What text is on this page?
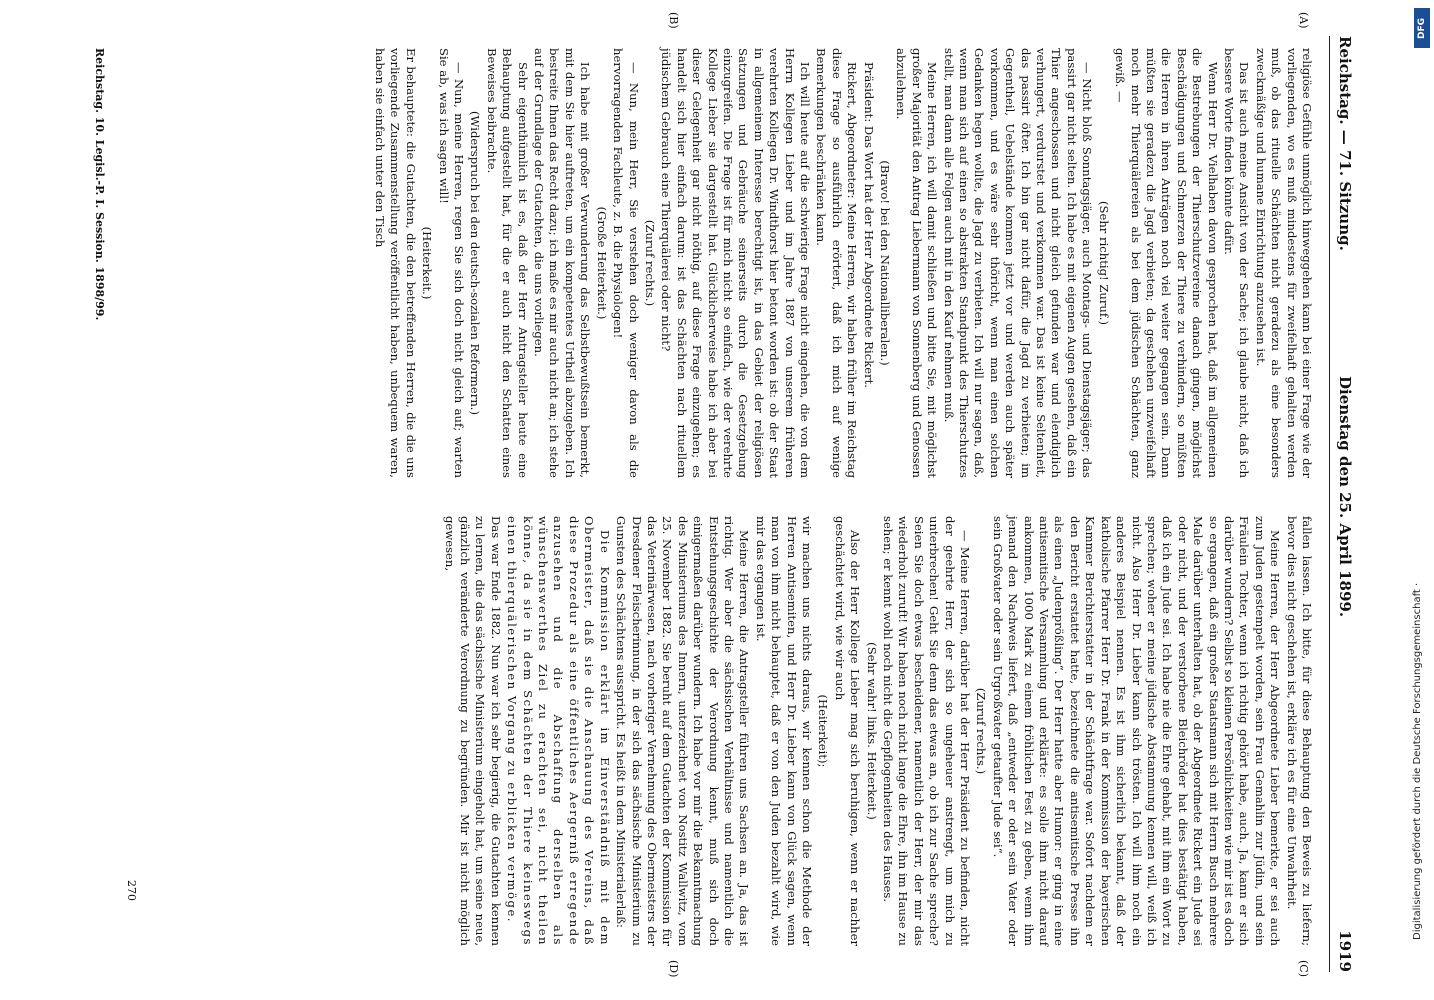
Reichstag. — 71. Sitzung.
Dienstag den 25. April 1899.
1919
(A)
(B)
(C)
(D)

religiöse Gefühle unmöglich hinweggehen kann bei einer Frage wie der vorliegenden, wo es muß mindestens für zweifelhaft gehalten werden muß, ob das rituelle Schächten nicht geradezu als eine besonders zweckmäßige und humane Einrichtung anzusehen ist.

Das ist auch meine Ansicht von der Sache; ich glaube nicht, daß ich bessere Worte finden könnte dafür.

Wenn Herr Dr. Vielhaben davon gesprochen hat, daß im allgemeinen die Bestrebungen der Thierschutzvereine danach gingen, möglichst Beschädigungen und Schmerzen der Thiere zu verhindern, so müßten die Herren in ihren Anträgen noch viel weiter gegangen sein. Dann müßten sie geradezu die Jagd verbieten; da geschehen unzweifelhaft noch mehr Thierquälereien als bei dem jüdischen Schächten, ganz gewiß. —

(Sehr richtig! Zuruf.)

— Nicht bloß Sonntagsjäger, auch Montags- und Dienstagsjäger; das passirt gar nicht selten. Ich habe es mit eigenen Augen gesehen, daß ein Thier angeschossen und nicht gleich gefunden war und elendiglich verhungert, verdurstet und verkommen war. Das ist keine Seltenheit, das passirt öfter. Ich bin gar nicht dafür, die Jagd zu verbieten; im Gegentheil, Uebelstände kommen jetzt vor und werden auch später vorkommen, und es wäre sehr thöricht, wenn man einen solchen Gedanken hegen wollte, die Jagd zu verbieten. Ich will nur sagen, daß, wenn man sich auf einen so abstrakten Standpunkt des Thierschutzes stellt, man dann alle Folgen auch mit in den Kauf nehmen muß.

Meine Herren, ich will damit schließen und bitte Sie, mit möglichst großer Majorität den Antrag Liebermann von Sonnenberg und Genossen abzulehnen.

(Bravo! bei den Nationalliberalen.)

Präsident: Das Wort hat der Herr Abgeordnete Rickert.

Rickert, Abgeordneter: Meine Herren, wir haben früher im Reichstag diese Frage so ausführlich erörtert, daß ich mich auf wenige Bemerkungen beschränken kann.

Ich will heute auf die schwierige Frage nicht eingehen, die von dem Herrn Kollegen Lieber und im Jahre 1887 von unserem früheren verehrten Kollegen Dr. Windthorst hier betont worden ist: ob der Staat in allgemeinem Interesse berechtigt ist, in das Gebiet der religiösen Satzungen und Gebräuche seinerseits durch die Gesetzgebung einzugreifen. Die Frage ist für mich nicht so einfach, wie der verehrte Kollege Lieber sie dargestellt hat. Glücklicherweise habe ich aber bei dieser Gelegenheit gar nicht nöthig, auf diese Frage einzugehen; es handelt sich hier einfach darum: ist das Schächten nach rituellem jüdischem Gebrauch eine Thierquälerei oder nicht?

(Zuruf rechts.)

— Nun, mein Herr, Sie verstehen doch weniger davon als die hervorragenden Fachleute, z. B. die Physiologen!

(Große Heiterkeit.)

Ich habe mit großer Verwunderung das Selbstbewußtsein bemerkt, mit dem Sie hier auftreten, um ein kompetentes Urtheil abzugeben. Ich bestreite Ihnen das Recht dazu; ich maße es mir auch nicht an; ich stehe auf der Grundlage der Gutachten, die uns vorliegen.

Sehr eigenthümlich ist es, daß der Herr Antragsteller heute eine Behauptung aufgestellt hat, für die er auch nicht den Schatten eines Beweises beibrachte.

(Widerspruch bei den deutsch-sozialen Reformern.)

— Nun, meine Herren, regen Sie sich doch nicht gleich auf; warten Sie ab, was ich sagen will!

(Heiterkeit.)

Er behauptete: die Gutachten, die den betreffenden Herren, die die uns vorliegende Zusammenstellung veröffentlicht haben, unbequem waren, haben sie einfach unter den Tisch

fallen lassen. Ich bitte, für diese Behauptung den Beweis zu liefern; bevor dies nicht geschehen ist, erkläre ich es für eine Unwahrheit.

Meine Herren, der Herr Abgeordnete Lieber bemerkte, er sei auch zum Juden gestempelt worden, sein Frau Gemahlin zur Jüdin, und sein Fräulein Tochter, wenn ich richtig gehört habe, auch. Ja, kann er sich darüber wundern? Selbst so kleinen Persönlichkeiten wie mir ist es doch so ergangen, daß ein großer Staatsmann sich mit Herrn Busch mehrere Male darüber unterhalten hat, ob der Abgeordnete Rickert ein Jude sei oder nicht, und der verstorbene Bleichröder hat dies bestätigt haben, daß ich ein Jude sei. Ich habe nie die Ehre gehabt, mit ihm ein Wort zu sprechen; woher er meine jüdische Abstammung kennen will, weiß ich nicht. Also Herr Dr. Lieber kann sich trösten. Ich will ihm noch ein anderes Beispiel nennen. Es ist ihm sicherlich bekannt, daß der katholische Pfarrer Herr Dr. Frank in der Kommission der bayerischen Kammer Berichterstatter in der Schächtfrage war. Sofort nachdem er den Bericht erstattet hatte, bezeichnete die antisemitische Presse ihn als einen „Judenprößling“. Der Herr hatte aber Humor: er ging in eine antisemitische Versammlung und erklärte: es solle ihm nicht darauf ankommen, 1000 Mark zu einem fröhlichen Fest zu geben, wenn ihm jemand den Nachweis liefert, daß „entweder er oder sein Vater oder sein Großvater oder sein Urgroßvater getaufter Jude sei“.

(Zuruf rechts.)

— Meine Herren, darüber hat der Herr Präsident zu befinden, nicht der geehrte Herr, der sich so ungeheuer anstrengt, um mich zu unterbrechen! Geht Sie denn das etwas an, ob ich zur Sache spreche? Seien Sie doch etwas bescheidener, namentlich der Herr, der mir das wiederholt zuruft! Wir haben noch nicht lange die Ehre, ihn im Hause zu sehen; er kennt wohl noch nicht die Gepflogenheiten des Hauses.

(Sehr wahr! links. Heiterkeit.)

Also der Herr Kollege Lieber mag sich beruhigen, wenn er nachher geschächtet wird, wie wir auch

(Heiterkeit);

wir machen uns nichts daraus, wir kennen schon die Methode der Herren Antisemiten, und Herr Dr. Lieber kann von Glück sagen, wenn man von ihm nicht behauptet, daß er von den Juden bezahlt wird, wie mir das ergangen ist.

Meine Herren, die Antragsteller führen uns Sachsen an. Ja, das ist richtig. Wer aber die sächsischen Verhältnisse und namentlich die Entstehungsgeschichte der Verordnung kennt, muß sich doch einigermaßen darüber wundern. Ich habe vor mir die Bekanntmachung des Ministeriums des Innern, unterzeichnet von Nostitz Wallwitz, vom 25. November 1882. Sie beruht auf dem Gutachten der Kommission für das Veterinärwesen, nach vorheriger Vernehmung des Obermeisters der Dresdener Fleischerinnung, in der sich das sächsische Ministerium zu Gunsten des Schächtens ausspricht. Es heißt in dem Ministerialerlaß:

Die Kommission erklärt im Einverständniß mit dem Obermeister, daß sie die Anschauung des Vereins, daß diese Prozedur als eine öffentliches Aergerniß erregende anzusehen und die Abschaffung derselben als wünschenswerthes Ziel zu erachten sei, nicht theilen könne, da sie in dem Schächten der Thiere keineswegs einen thierquälerischen Vorgang zu erblicken vermöge.

Das war Ende 1882. Nun war ich sehr begierig, die Gutachten kennen zu lernen, die das sächsische Ministerium eingeholt hat, um seine neue, gänzlich veränderte Verordnung zu begründen. Mir ist nicht möglich gewesen,

270
Reichstag. 10. Legisl.-P. I. Session. 1898/99.
DFG
Digitalisierung gefördert durch die Deutsche Forschungsgemeinschaft ·
